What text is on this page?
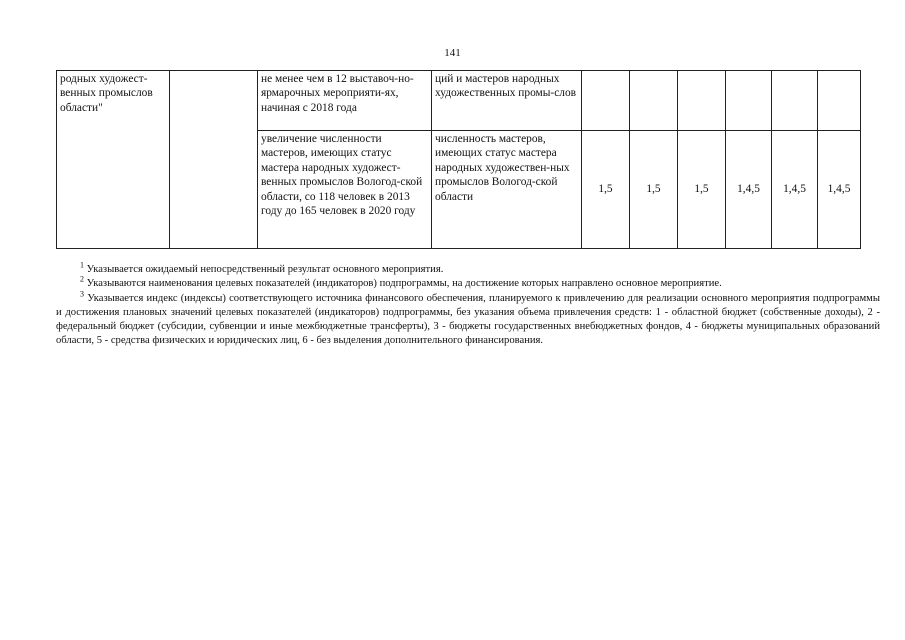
141
родных художест-венных промыслов области"		не менее чем в 12 выставоч-но-ярмарочных мероприяти-ях, начиная с 2018 года	ций и мастеров народных художественных промы-слов						
		увеличение численности мастеров, имеющих статус мастера народных художест-венных промыслов Вологод-ской области, со 118 человек в 2013 году до 165 человек в 2020 году	численность мастеров, имеющих статус мастера народных художествен-ных промыслов Вологод-ской области	1,5	1,5	1,5	1,4,5	1,4,5	1,4,5

$^1$ Указывается ожидаемый непосредственный результат основного мероприятия.

$^2$ Указываются наименования целевых показателей (индикаторов) подпрограммы, на достижение которых направлено основное мероприятие.

$^3$ Указывается индекс (индексы) соответствующего источника финансового обеспечения, планируемого к привлечению для реализации основного мероприятия подпрограммы и достижения плановых значений целевых показателей (индикаторов) подпрограммы, без указания объема привлечения средств: 1 - областной бюджет (собственные доходы), 2 - федеральный бюджет (субсидии, субвенции и иные межбюджетные трансферты), 3 - бюджеты государственных внебюджетных фондов, 4 - бюджеты муниципальных образований области, 5 - средства физических и юридических лиц, 6 - без выделения дополнительного финансирования.
